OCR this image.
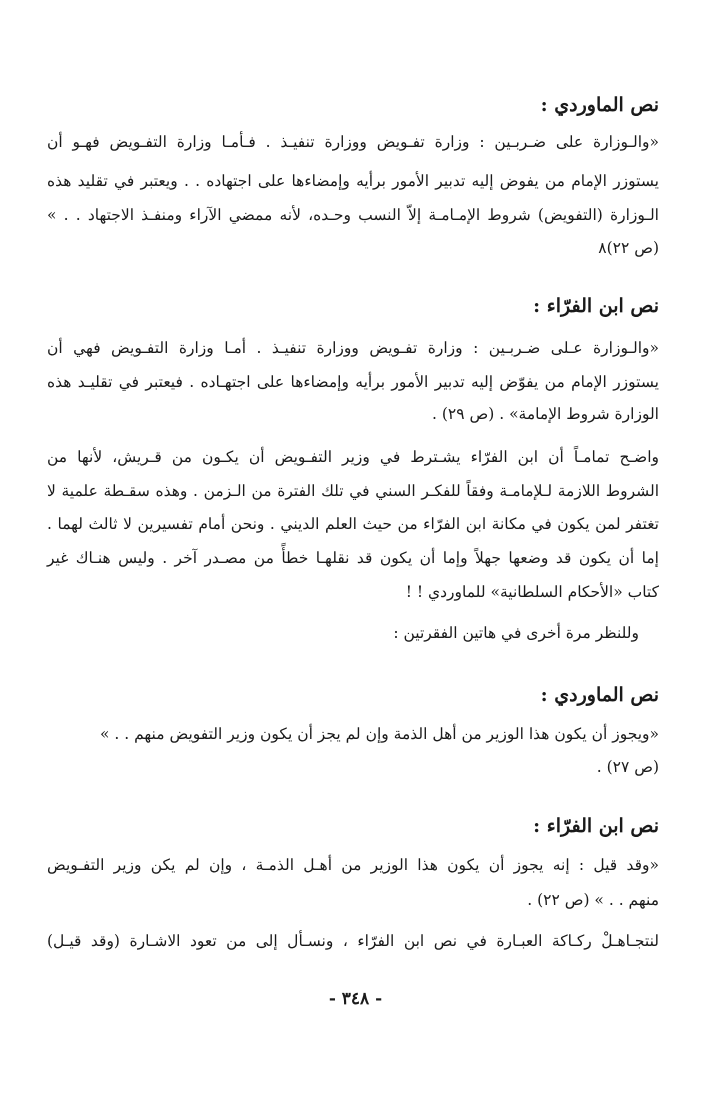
نص الماوردي :
«والـوزارة على ضـربـين : وزارة تفـويض ووزارة تنفيـذ . فـأمـا وزارة التفـويض فهـو أن
يستوزر الإمام من يفوض إليه تدبير الأمور برأيه وإمضاءها على اجتهاده . . ويعتبر في تقليد هذه
الـوزارة (التفويض) شروط الإمـامـة إلاّ النسب وحـده، لأنه ممضي الآراء ومنفـذ الاجتهاد . . »
(ص ٢٢)٨
نص ابن الفرّاء :
«والـوزارة عـلى ضـربـين : وزارة تفـويض ووزارة تنفيـذ . أمـا وزارة التفـويض فهي أن
يستوزر الإمام من يفوّض إليه تدبير الأمور برأيه وإمضاءها على اجتهـاده . فيعتبر في تقليـد هذه
الوزارة شروط الإمامة» . (ص ٢٩) .
واضـح تمامـاً أن ابن الفرّاء يشـترط في وزير التفـويض أن يكـون من قـريش، لأنها من
الشروط اللازمة لـلإمامـة وفقاً للفكـر السني في تلك الفترة من الـزمن . وهذه سقـطة علمية لا
تغتفر لمن يكون في مكانة ابن الفرّاء من حيث العلم الديني . ونحن أمام تفسيرين لا ثالث لهما .
إما أن يكون قد وضعها جهلاً وإما أن يكون قد نقلهـا خطأً من مصـدر آخر . وليس هنـاك غير
كتاب «الأحكام السلطانية» للماوردي ! !
وللنظر مرة أخرى في هاتين الفقرتين :
نص الماوردي :
«ويجوز أن يكون هذا الوزير من أهل الذمة وإن لم يجز أن يكون وزير التفويض منهم . . »
(ص ٢٧) .
نص ابن الفرّاء :
«وقد قيل : إنه يجوز أن يكون هذا الوزير من أهـل الذمـة ، وإن لم يكن وزير التفـويض
منهم . . » (ص ٢٢) .
لنتجـاهـلْ ركـاكة العبـارة في نص ابن الفرّاء ، ونسـأل إلى من تعود الاشـارة (وقد قيـل)
- ٣٤٨ -
